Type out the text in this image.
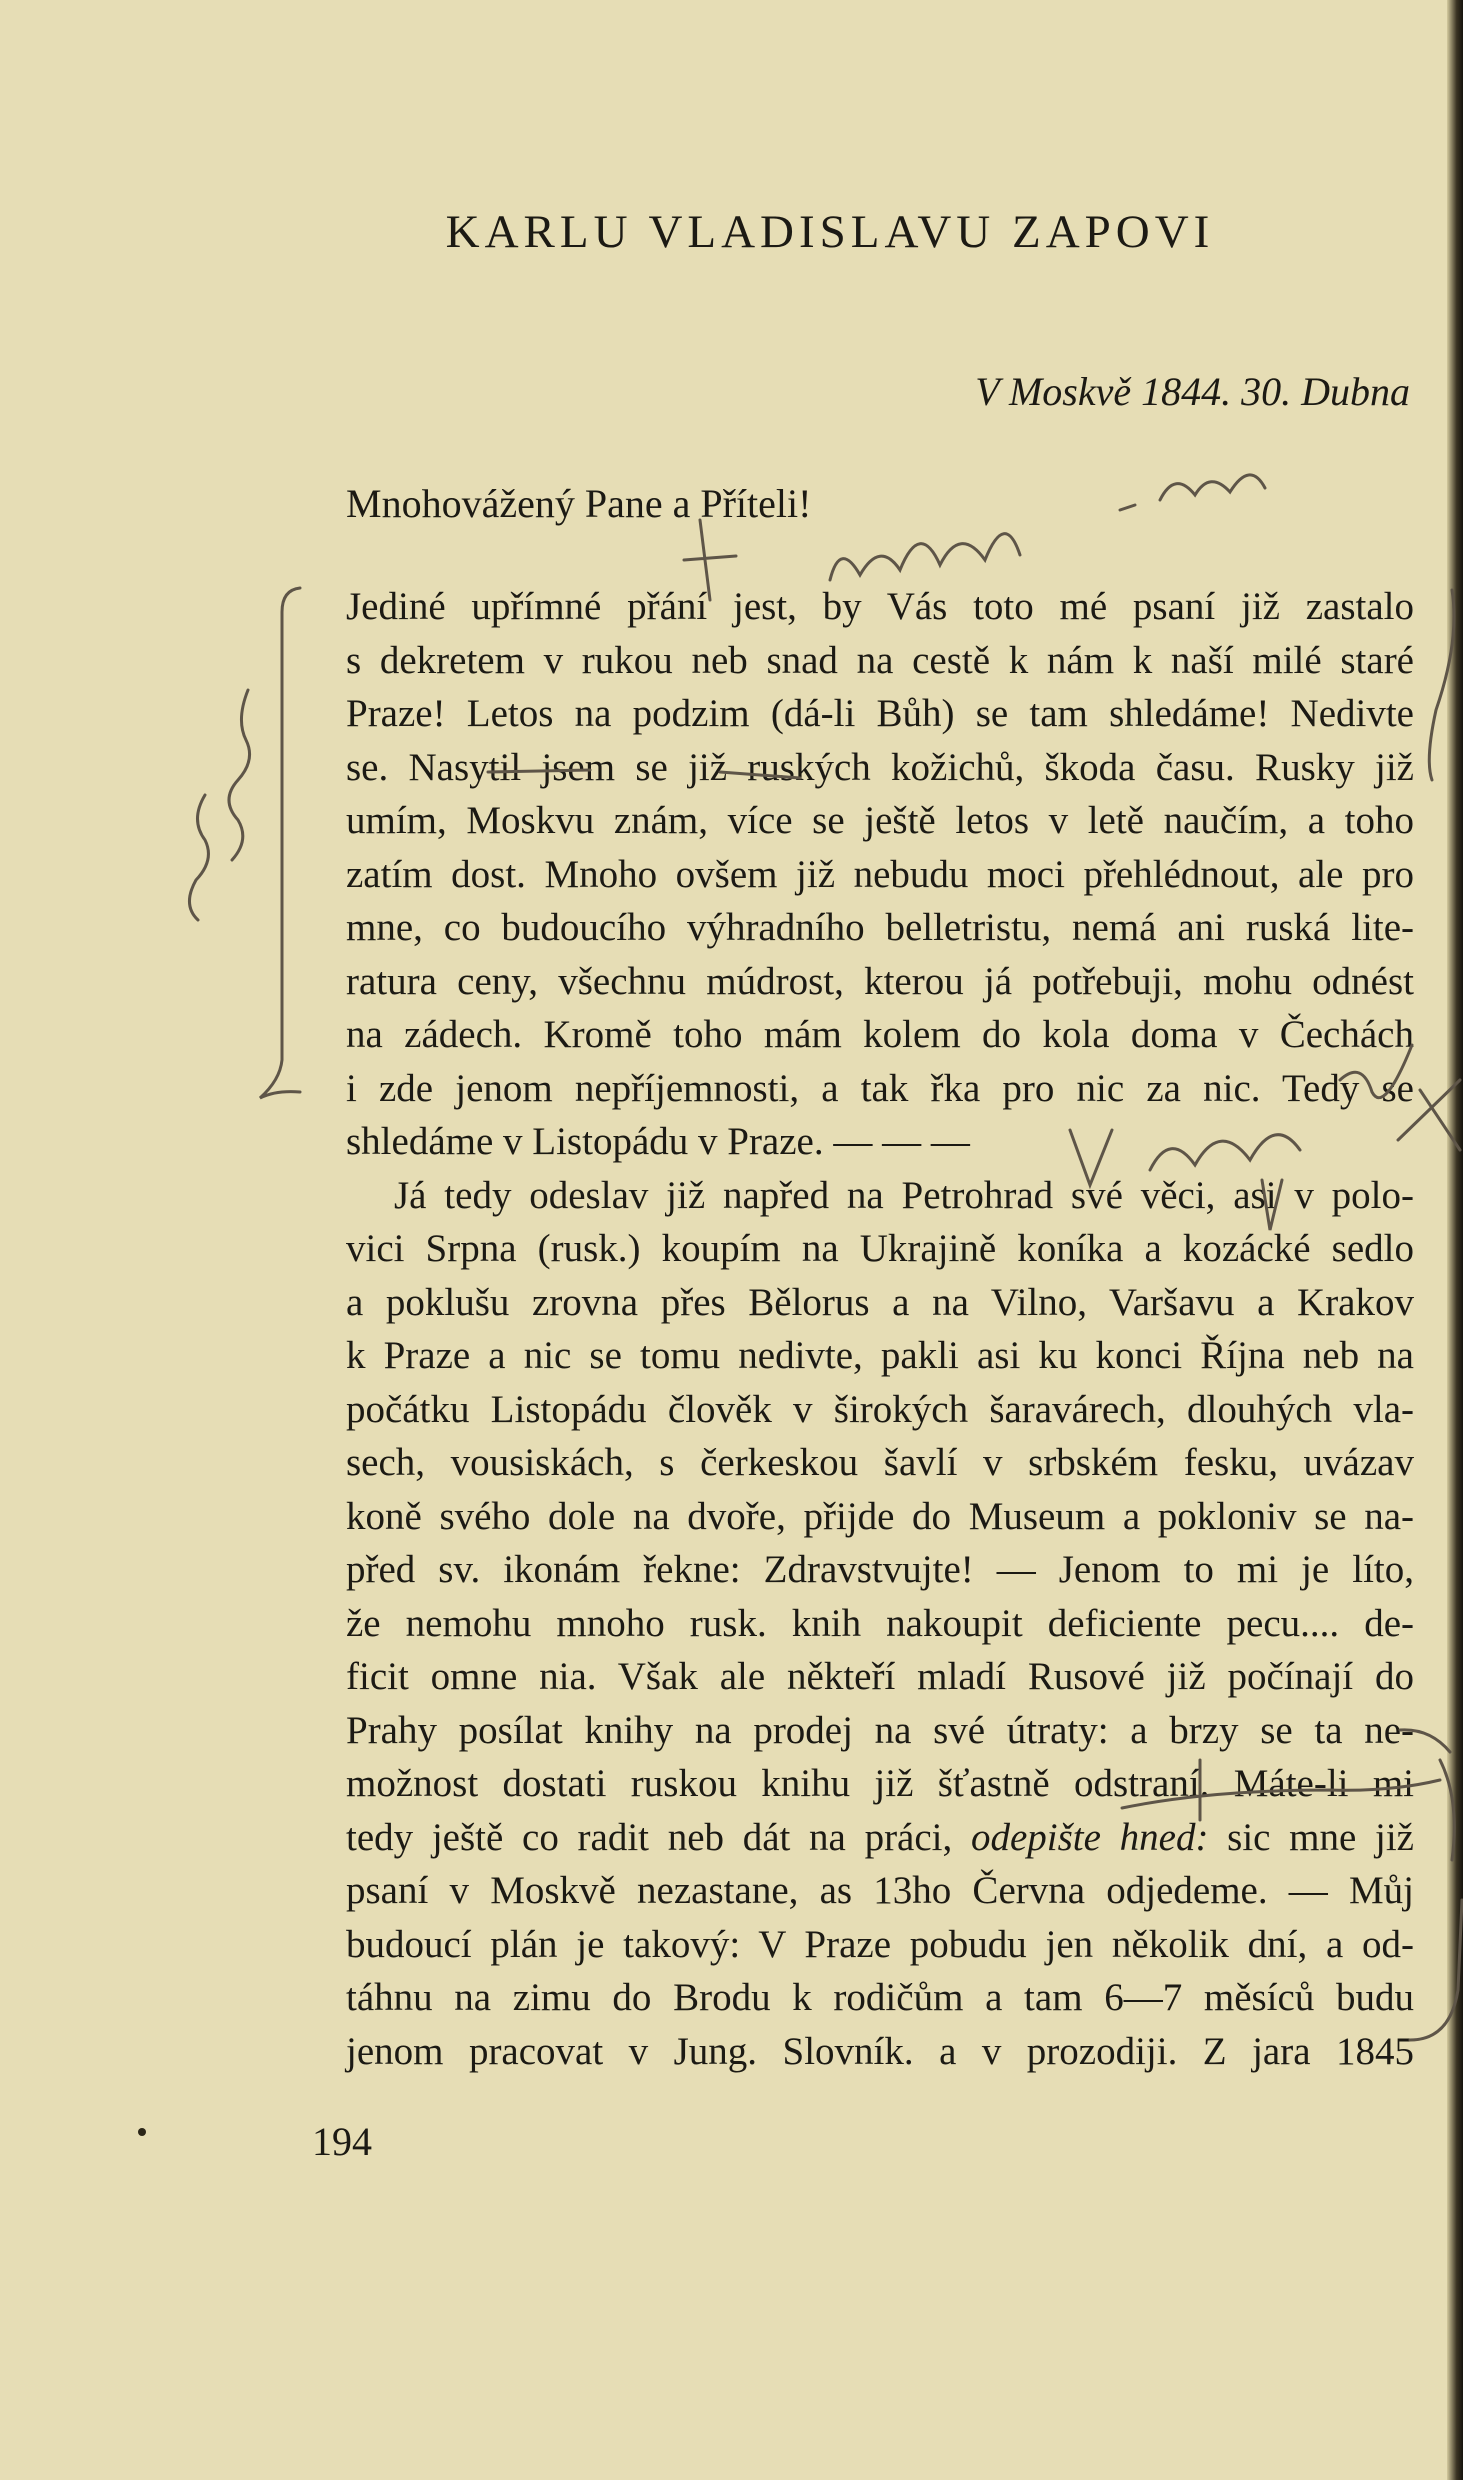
KARLU VLADISLAVU ZAPOVI
V Moskvě 1844. 30. Dubna
Mnohovážený Pane a Příteli!
Jediné upřímné přání jest, by Vás toto mé psaní již zastalo
s dekretem v rukou neb snad na cestě k nám k naší milé staré
Praze! Letos na podzim (dá-li Bůh) se tam shledáme! Nedivte
se. Nasytil jsem se již ruských kožichů, škoda času. Rusky již
umím, Moskvu znám, více se ještě letos v letě naučím, a toho
zatím dost. Mnoho ovšem již nebudu moci přehlédnout, ale pro
mne, co budoucího výhradního belletristu, nemá ani ruská lite-
ratura ceny, všechnu múdrost, kterou já potřebuji, mohu odnést
na zádech. Kromě toho mám kolem do kola doma v Čechách
i zde jenom nepříjemnosti, a tak řka pro nic za nic. Tedy se
shledáme v Listopádu v Praze. — — —
Já tedy odeslav již napřed na Petrohrad své věci, asi v polo-
vici Srpna (rusk.) koupím na Ukrajině koníka a kozácké sedlo
a poklušu zrovna přes Bělorus a na Vilno, Varšavu a Krakov
k Praze a nic se tomu nedivte, pakli asi ku konci Října neb na
počátku Listopádu člověk v širokých šaravárech, dlouhých vla-
sech, vousiskách, s čerkeskou šavlí v srbském fesku, uvázav
koně svého dole na dvoře, přijde do Museum a pokloniv se na-
před sv. ikonám řekne: Zdravstvujte! — Jenom to mi je líto,
že nemohu mnoho rusk. knih nakoupit deficiente pecu.... de-
ficit omne nia. Však ale někteří mladí Rusové již počínají do
Prahy posílat knihy na prodej na své útraty: a brzy se ta ne-
možnost dostati ruskou knihu již šťastně odstraní. Máte-li mi
tedy ještě co radit neb dát na práci, odepište hned: sic mne již
psaní v Moskvě nezastane, as 13ho Června odjedeme. — Můj
budoucí plán je takový: V Praze pobudu jen několik dní, a od-
táhnu na zimu do Brodu k rodičům a tam 6—7 měsíců budu
jenom pracovat v Jung. Slovník. a v prozodiji. Z jara 1845
194
